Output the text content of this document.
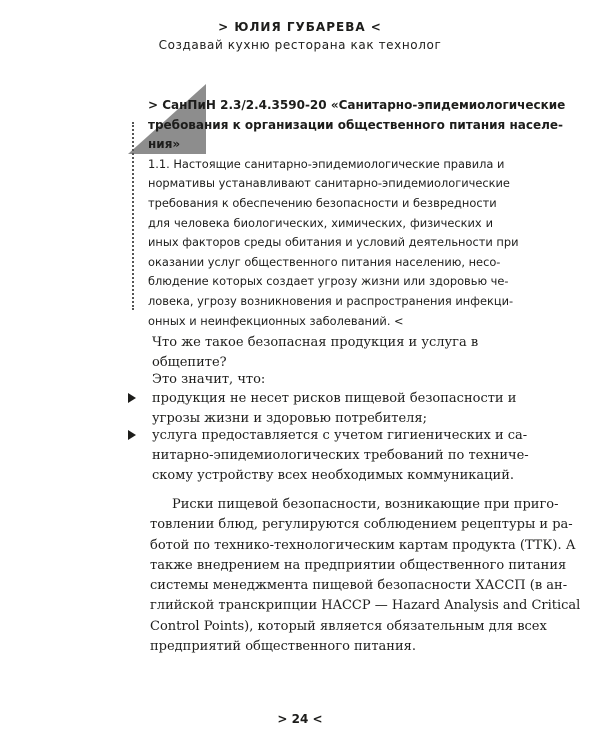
> ЮЛИЯ ГУБАРЕВА <
Создавай кухню ресторана как технолог
> СанПиН 2.3/2.4.3590-20 «Санитарно-эпидемиологические
требования к организации общественного питания населе-
ния»
1.1. Настоящие санитарно-эпидемиологические правила и
нормативы устанавливают санитарно-эпидемиологические
требования к обеспечению безопасности и безвредности
для человека биологических, химических, физических и
иных факторов среды обитания и условий деятельности при
оказании услуг общественного питания населению, несо-
блюдение которых создает угрозу жизни или здоровью че-
ловека, угрозу возникновения и распространения инфекци-
онных и неинфекционных заболеваний. <
Что же такое безопасная продукция и услуга в общепите?
Это значит, что:
продукция не несет рисков пищевой безопасности и
угрозы жизни и здоровью потребителя;
услуга предоставляется с учетом гигиенических и са-
нитарно-эпидемиологических требований по техниче-
скому устройству всех необходимых коммуникаций.
Риски пищевой безопасности, возникающие при приго-
товлении блюд, регулируются соблюдением рецептуры и ра-
ботой по технико-технологическим картам продукта (ТТК). А
также внедрением на предприятии общественного питания
системы менеджмента пищевой безопасности ХАССП (в ан-
глийской транскрипции HACCP — Hazard Analysis and Critical
Control Points), который является обязательным для всех
предприятий общественного питания.
> 24 <
